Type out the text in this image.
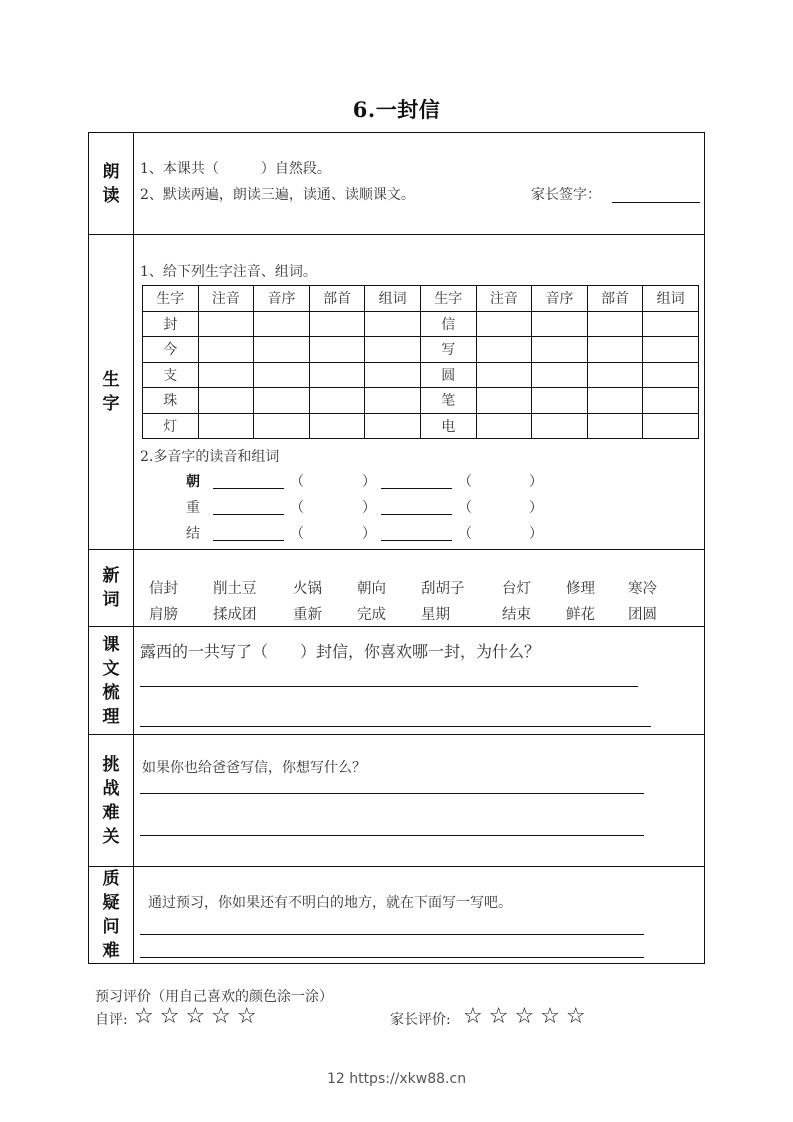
6.一封信
朗
读
1、本课共（　　　）自然段。
2、默读两遍，朗读三遍，读通、读顺课文。	家长签字：
生
字
1、给下列生字注音、组词。
生字	注音	音序	部首	组词	生字	注音	音序	部首	组词
封					信				
今					写				
支					圆				
珠					笔				
灯					电				
2.多音字的读音和组词
朝	（	）	（	）
重	（	）	（	）
结	（	）	（	）
新
词
信封	削土豆	火锅	朝向	刮胡子	台灯	修理	寒冷
肩膀	揉成团	重新	完成	星期	结束	鲜花	团圆
课
文
梳
理
露西的一共写了（　　）封信，你喜欢哪一封，为什么？
挑
战
难
关
如果你也给爸爸写信，你想写什么？
质
疑
问
难
通过预习，你如果还有不明白的地方，就在下面写一写吧。
预习评价（用自己喜欢的颜色涂一涂）
自评: ☆☆☆☆☆	家长评价: ☆☆☆☆☆
12 https://xkw88.cn
